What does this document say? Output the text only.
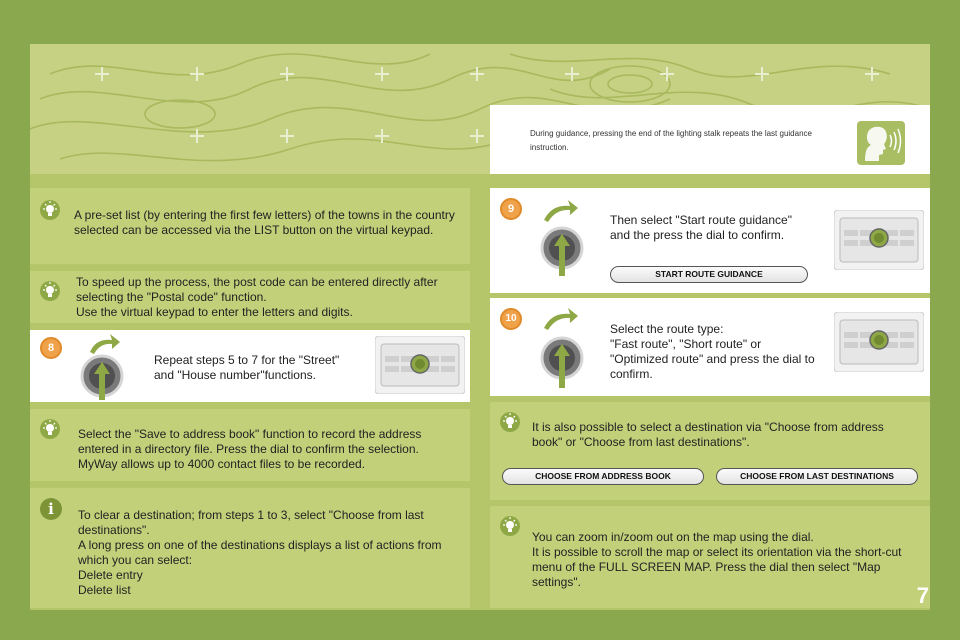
During guidance, pressing the end of the lighting stalk repeats the last guidance instruction.
A pre-set list (by entering the first few letters) of the towns in the country selected can be accessed via the LIST button on the virtual keypad.
To speed up the process, the post code can be entered directly after selecting the "Postal code" function.
Use the virtual keypad to enter the letters and digits.
8
Repeat steps 5 to 7 for the "Street"
and "House number"functions.
Select the "Save to address book" function to record the address entered in a directory file. Press the dial to confirm the selection.
MyWay allows up to 4000 contact files to be recorded.
i	To clear a destination; from steps 1 to 3, select "Choose from last destinations".
A long press on one of the destinations displays a list of actions from which you can select:
Delete entry
Delete list
9
Then select "Start route guidance"
and the press the dial to confirm.
START ROUTE GUIDANCE
10
Select the route type:
"Fast route", "Short route" or "Optimized route" and press the dial to confirm.
It is also possible to select a destination via "Choose from address book" or "Choose from last destinations".
CHOOSE FROM ADDRESS BOOK	CHOOSE FROM LAST DESTINATIONS
You can zoom in/zoom out on the map using the dial.
It is possible to scroll the map or select its orientation via the short-cut menu of the FULL SCREEN MAP. Press the dial then select "Map settings".
7
